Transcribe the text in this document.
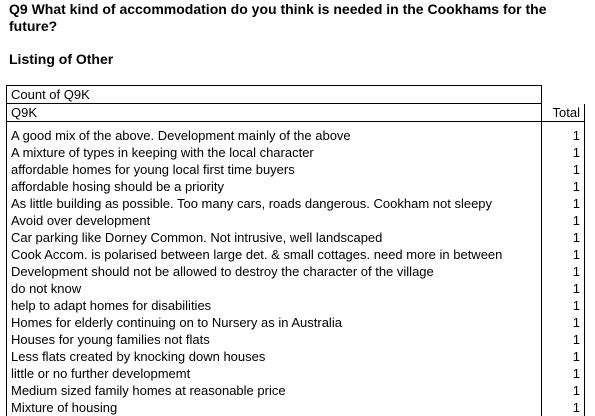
Q9 What kind of accommodation do you think is needed in the Cookhams for the future?
Listing of Other
Count of Q9K	
Q9K	Total

A good mix of the above. Development mainly of the above	1
A mixture of types in keeping with the local character	1
affordable homes for young local first time buyers	1
affordable hosing should be a priority	1
As little building as possible. Too many cars, roads dangerous. Cookham not sleepy	1
Avoid over development	1
Car parking like Dorney Common. Not intrusive, well landscaped	1
Cook Accom. is polarised between large det. & small cottages. need more in between	1
Development should not be allowed to destroy the character of the village	1
do not know	1
help to adapt homes for disabilities	1
Homes for elderly continuing on to Nursery as in Australia	1
Houses for young families not flats	1
Less flats created by knocking down houses	1
little or no further developmemt	1
Medium sized family homes at reasonable price	1
Mixture of housing	1
